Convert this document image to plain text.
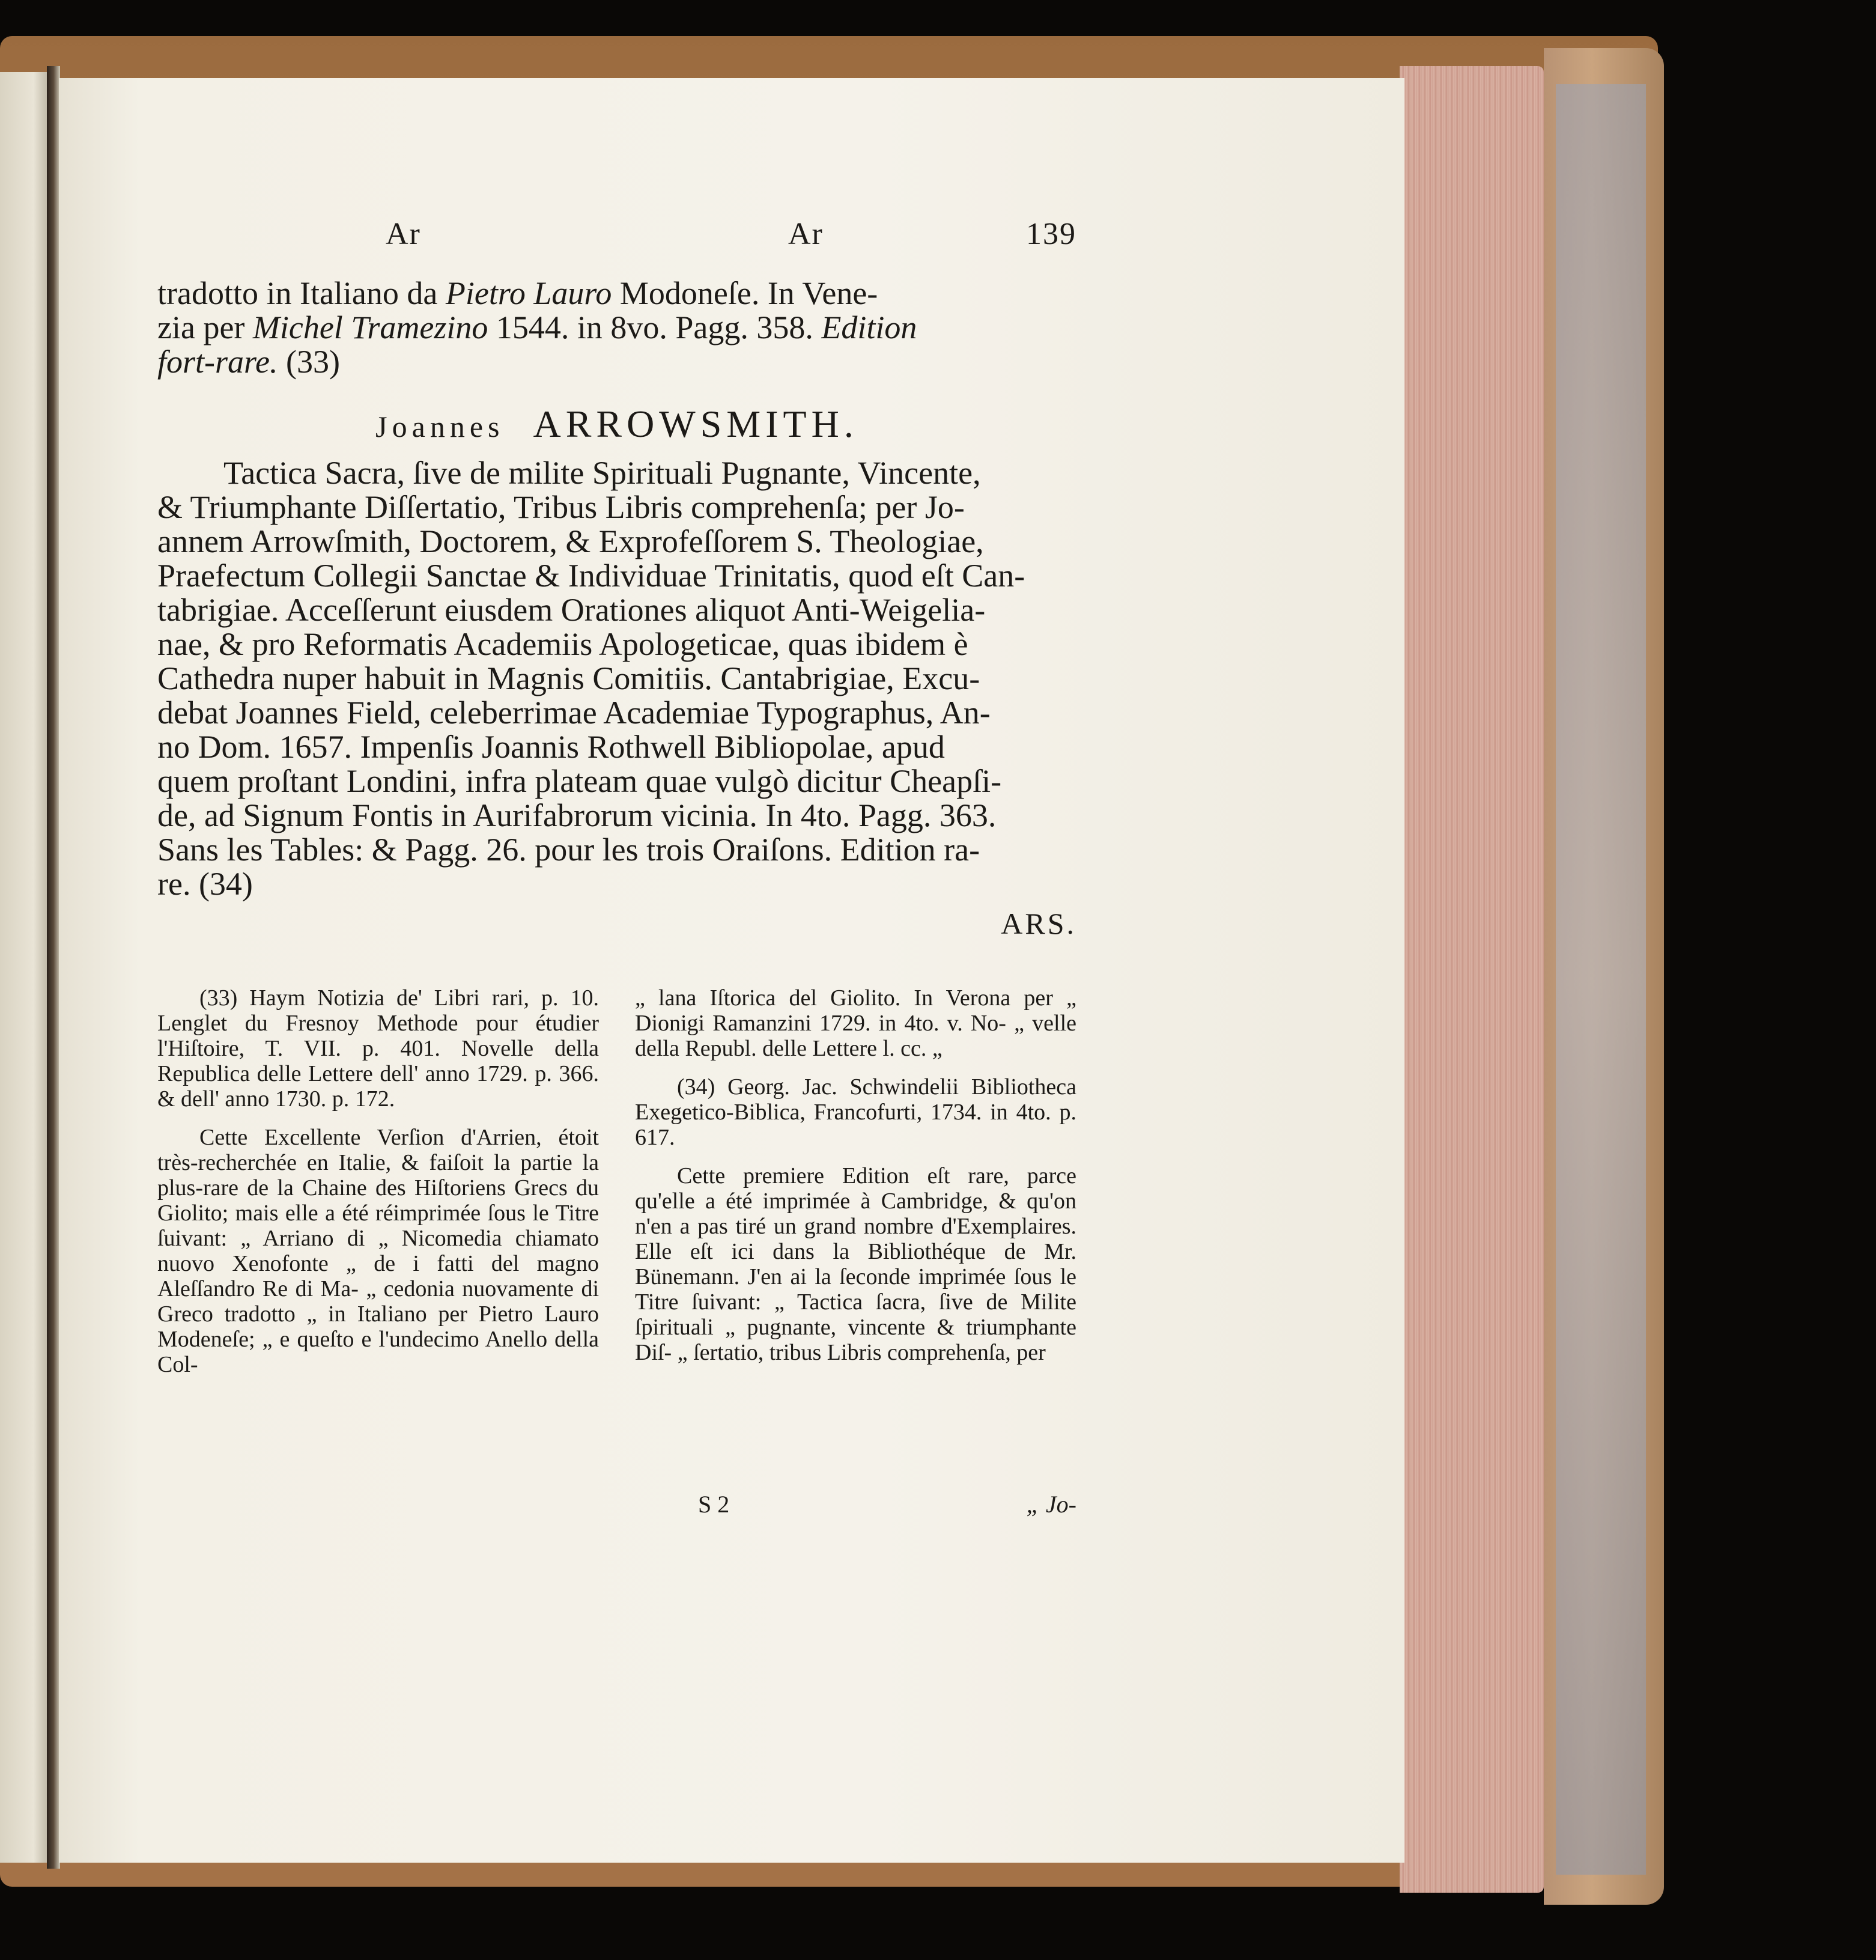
Ar	Ar	139

tradotto in Italiano da Pietro Lauro Modoneſe. In Vene-

zia per Michel Tramezino 1544. in 8vo. Pagg. 358. Edition

fort-rare. (33)

Joannes ARROWSMITH.

Tactica Sacra, ſive de milite Spirituali Pugnante, Vincente,

& Triumphante Diſſertatio, Tribus Libris comprehenſa; per Jo-

annem Arrowſmith, Doctorem, & Exprofeſſorem S. Theologiae,

Praefectum Collegii Sanctae & Individuae Trinitatis, quod eſt Can-

tabrigiae. Acceſſerunt eiusdem Orationes aliquot Anti-Weigelia-

nae, & pro Reformatis Academiis Apologeticae, quas ibidem è

Cathedra nuper habuit in Magnis Comitiis. Cantabrigiae, Excu-

debat Joannes Field, celeberrimae Academiae Typographus, An-

no Dom. 1657. Impenſis Joannis Rothwell Bibliopolae, apud

quem proſtant Londini, infra plateam quae vulgò dicitur Cheapſi-

de, ad Signum Fontis in Aurifabrorum vicinia. In 4to. Pagg. 363.

Sans les Tables: & Pagg. 26. pour les trois Oraiſons. Edition ra-

re. (34)

ARS.

(33) Haym Notizia de' Libri rari, p. 10. Lenglet du Fresnoy Methode pour étudier l'Hiſtoire, T. VII. p. 401. Novelle della Republica delle Lettere dell' anno 1729. p. 366. & dell' anno 1730. p. 172.

Cette Excellente Verſion d'Arrien, étoit très-recherchée en Italie, & faiſoit la partie la plus-rare de la Chaine des Hiſtoriens Grecs du Giolito; mais elle a été réimprimée ſous le Titre ſuivant: „ Arriano di „ Nicomedia chiamato nuovo Xenofonte „ de i fatti del magno Aleſſandro Re di Ma- „ cedonia nuovamente di Greco tradotto „ in Italiano per Pietro Lauro Modeneſe; „ e queſto e l'undecimo Anello della Col-

„ lana Iſtorica del Giolito. In Verona per „ Dionigi Ramanzini 1729. in 4to. v. No- „ velle della Republ. delle Lettere l. cc. „

(34) Georg. Jac. Schwindelii Bibliotheca Exegetico-Biblica, Francofurti, 1734. in 4to. p. 617.

Cette premiere Edition eſt rare, parce qu'elle a été imprimée à Cambridge, & qu'on n'en a pas tiré un grand nombre d'Exemplaires. Elle eſt ici dans la Bibliothéque de Mr. Bünemann. J'en ai la ſeconde imprimée ſous le Titre ſuivant: „ Tactica ſacra, ſive de Milite ſpirituali „ pugnante, vincente & triumphante Diſ- „ ſertatio, tribus Libris comprehenſa, per

S 2	„ Jo-
